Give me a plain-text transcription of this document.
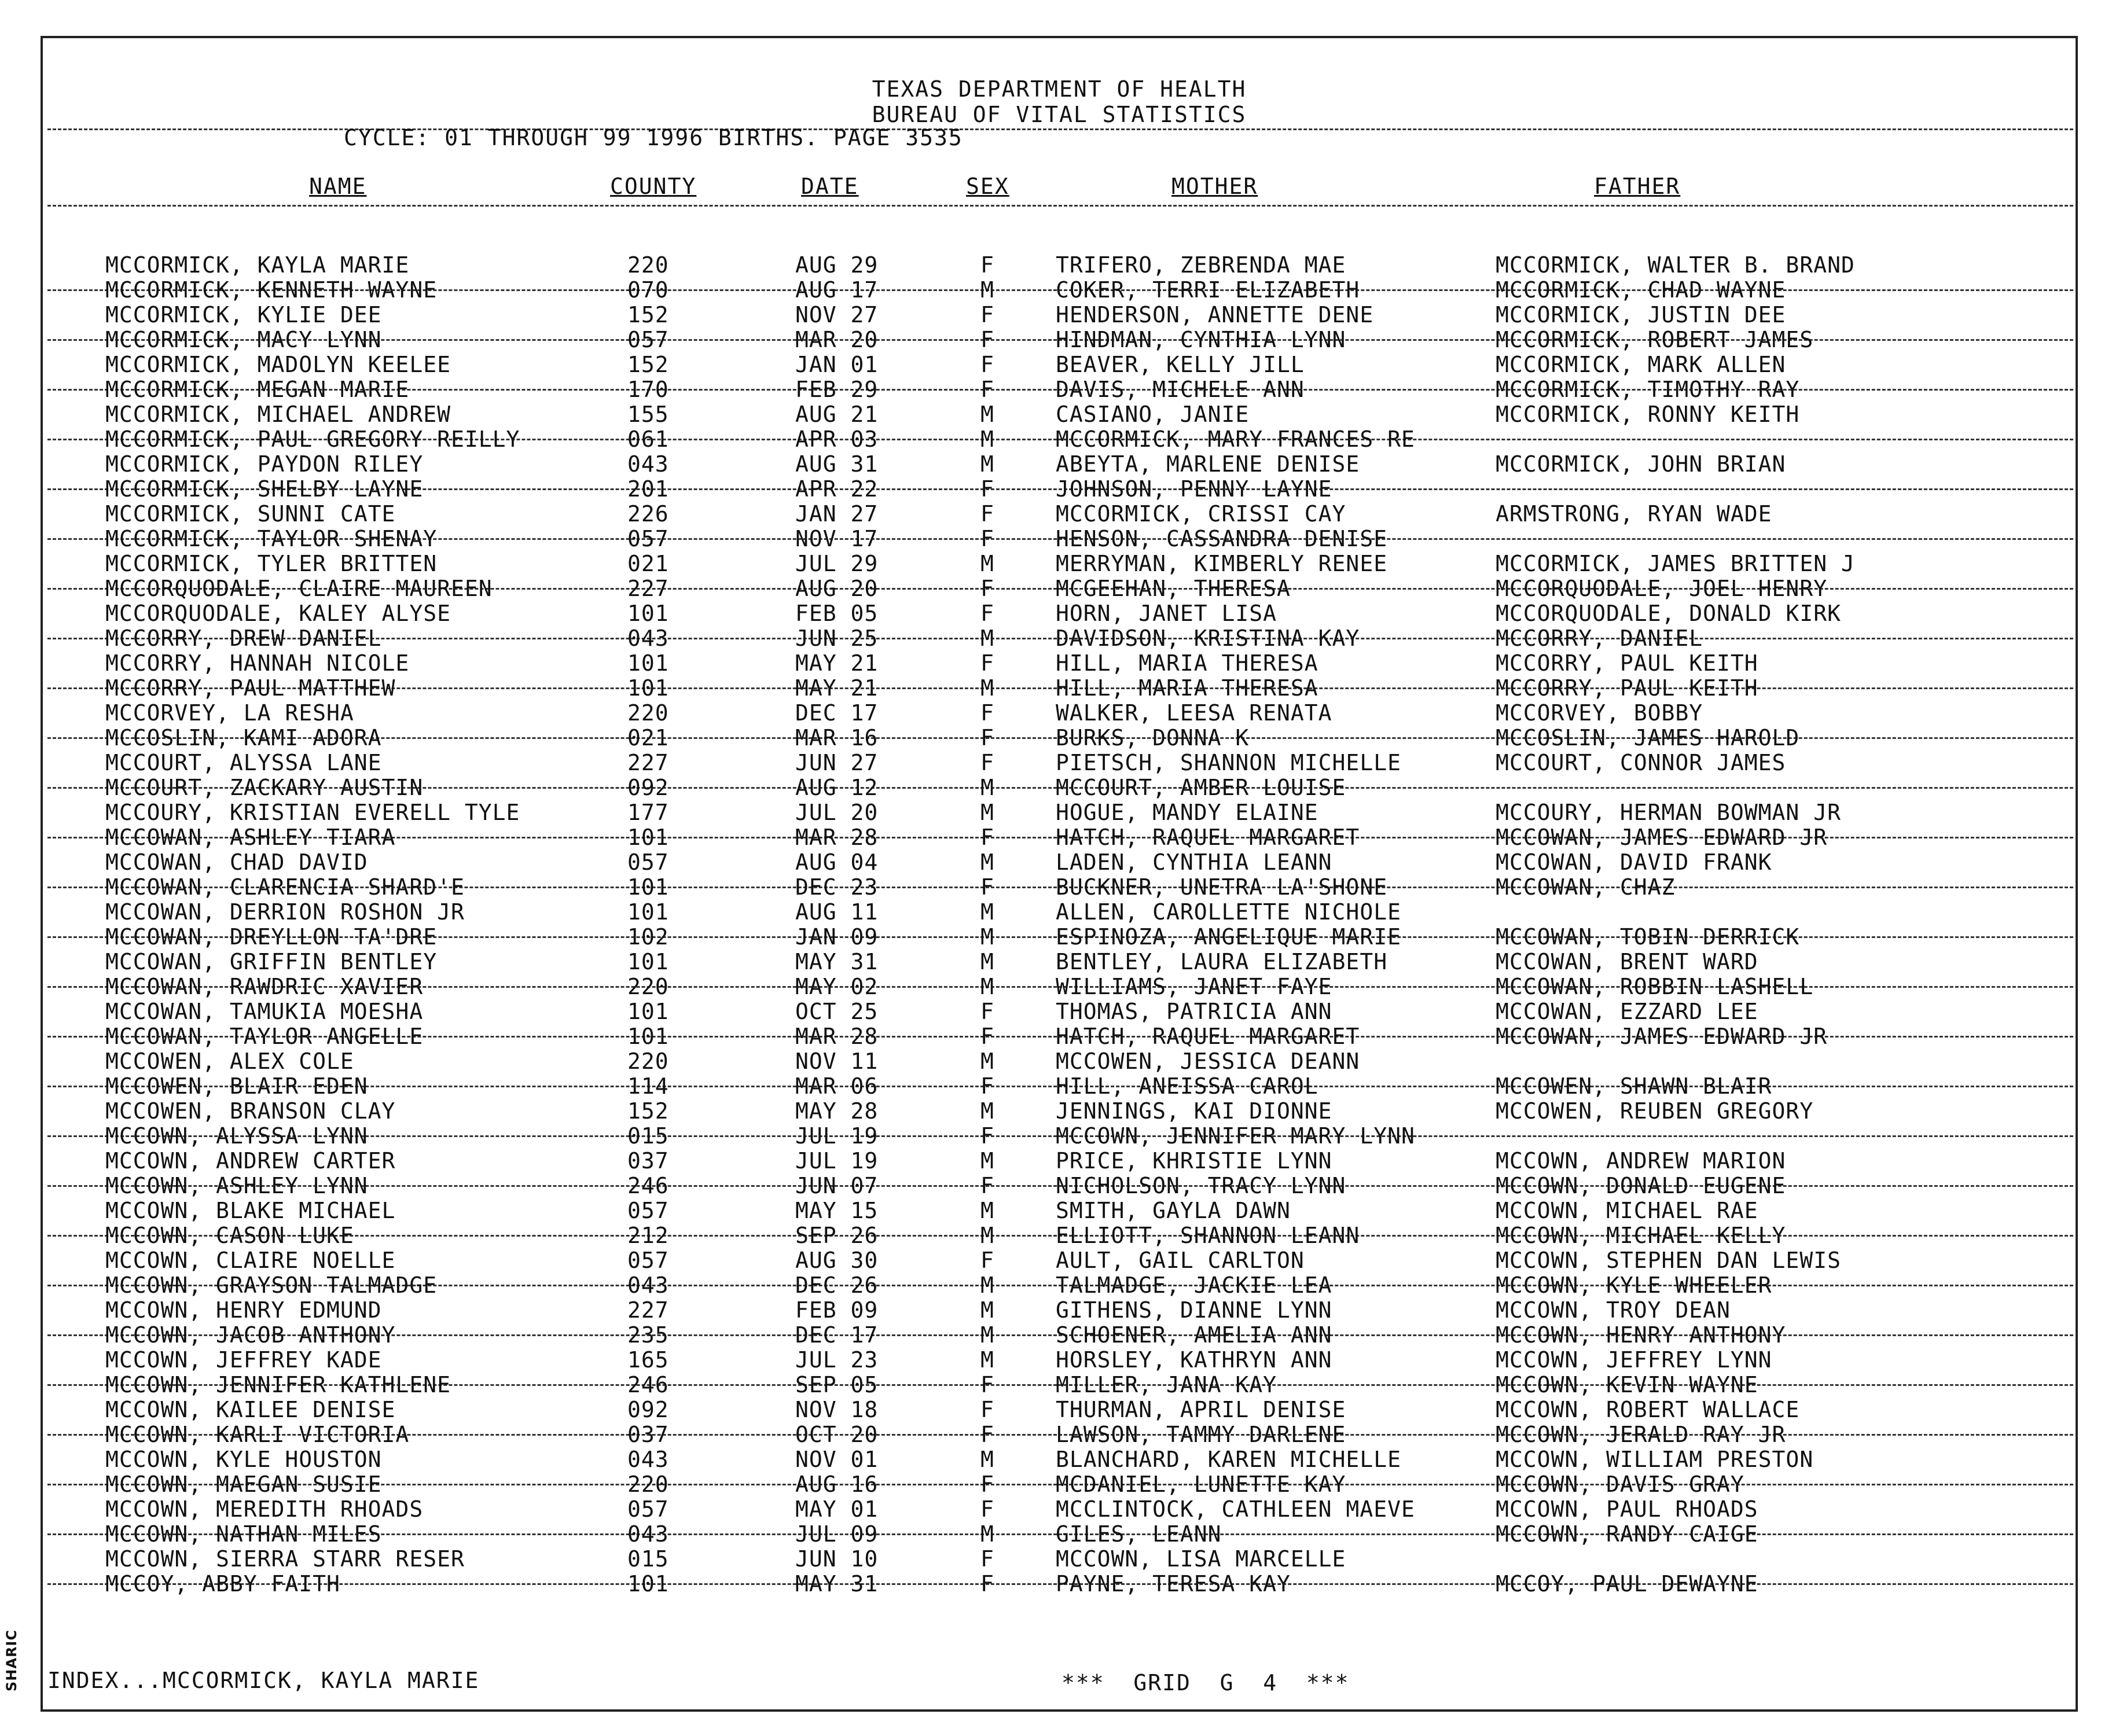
SHARIC
TEXAS DEPARTMENT OF HEALTH
BUREAU OF VITAL STATISTICS
CYCLE: 01 THROUGH 99 1996 BIRTHS. PAGE 3535
NAME	COUNTY	DATE	SEX	MOTHER	FATHER
MCCORMICK, KAYLA MARIE	220	AUG 29	F	TRIFERO, ZEBRENDA MAE	MCCORMICK, WALTER B. BRAND
MCCORMICK, KENNETH WAYNE	070	AUG 17	M	COKER, TERRI ELIZABETH	MCCORMICK, CHAD WAYNE
MCCORMICK, KYLIE DEE	152	NOV 27	F	HENDERSON, ANNETTE DENE	MCCORMICK, JUSTIN DEE
MCCORMICK, MACY LYNN	057	MAR 20	F	HINDMAN, CYNTHIA LYNN	MCCORMICK, ROBERT JAMES
MCCORMICK, MADOLYN KEELEE	152	JAN 01	F	BEAVER, KELLY JILL	MCCORMICK, MARK ALLEN
MCCORMICK, MEGAN MARIE	170	FEB 29	F	DAVIS, MICHELE ANN	MCCORMICK, TIMOTHY RAY
MCCORMICK, MICHAEL ANDREW	155	AUG 21	M	CASIANO, JANIE	MCCORMICK, RONNY KEITH
MCCORMICK, PAUL GREGORY REILLY	061	APR 03	M	MCCORMICK, MARY FRANCES RE
MCCORMICK, PAYDON RILEY	043	AUG 31	M	ABEYTA, MARLENE DENISE	MCCORMICK, JOHN BRIAN
MCCORMICK, SHELBY LAYNE	201	APR 22	F	JOHNSON, PENNY LAYNE
MCCORMICK, SUNNI CATE	226	JAN 27	F	MCCORMICK, CRISSI CAY	ARMSTRONG, RYAN WADE
MCCORMICK, TAYLOR SHENAY	057	NOV 17	F	HENSON, CASSANDRA DENISE
MCCORMICK, TYLER BRITTEN	021	JUL 29	M	MERRYMAN, KIMBERLY RENEE	MCCORMICK, JAMES BRITTEN J
MCCORQUODALE, CLAIRE MAUREEN	227	AUG 20	F	MCGEEHAN, THERESA	MCCORQUODALE, JOEL HENRY
MCCORQUODALE, KALEY ALYSE	101	FEB 05	F	HORN, JANET LISA	MCCORQUODALE, DONALD KIRK
MCCORRY, DREW DANIEL	043	JUN 25	M	DAVIDSON, KRISTINA KAY	MCCORRY, DANIEL
MCCORRY, HANNAH NICOLE	101	MAY 21	F	HILL, MARIA THERESA	MCCORRY, PAUL KEITH
MCCORRY, PAUL MATTHEW	101	MAY 21	M	HILL, MARIA THERESA	MCCORRY, PAUL KEITH
MCCORVEY, LA RESHA	220	DEC 17	F	WALKER, LEESA RENATA	MCCORVEY, BOBBY
MCCOSLIN, KAMI ADORA	021	MAR 16	F	BURKS, DONNA K	MCCOSLIN, JAMES HAROLD
MCCOURT, ALYSSA LANE	227	JUN 27	F	PIETSCH, SHANNON MICHELLE	MCCOURT, CONNOR JAMES
MCCOURT, ZACKARY AUSTIN	092	AUG 12	M	MCCOURT, AMBER LOUISE
MCCOURY, KRISTIAN EVERELL TYLE	177	JUL 20	M	HOGUE, MANDY ELAINE	MCCOURY, HERMAN BOWMAN JR
MCCOWAN, ASHLEY TIARA	101	MAR 28	F	HATCH, RAQUEL MARGARET	MCCOWAN, JAMES EDWARD JR
MCCOWAN, CHAD DAVID	057	AUG 04	M	LADEN, CYNTHIA LEANN	MCCOWAN, DAVID FRANK
MCCOWAN, CLARENCIA SHARD'E	101	DEC 23	F	BUCKNER, UNETRA LA'SHONE	MCCOWAN, CHAZ
MCCOWAN, DERRION ROSHON JR	101	AUG 11	M	ALLEN, CAROLLETTE NICHOLE
MCCOWAN, DREYLLON TA'DRE	102	JAN 09	M	ESPINOZA, ANGELIQUE MARIE	MCCOWAN, TOBIN DERRICK
MCCOWAN, GRIFFIN BENTLEY	101	MAY 31	M	BENTLEY, LAURA ELIZABETH	MCCOWAN, BRENT WARD
MCCOWAN, RAWDRIC XAVIER	220	MAY 02	M	WILLIAMS, JANET FAYE	MCCOWAN, ROBBIN LASHELL
MCCOWAN, TAMUKIA MOESHA	101	OCT 25	F	THOMAS, PATRICIA ANN	MCCOWAN, EZZARD LEE
MCCOWAN, TAYLOR ANGELLE	101	MAR 28	F	HATCH, RAQUEL MARGARET	MCCOWAN, JAMES EDWARD JR
MCCOWEN, ALEX COLE	220	NOV 11	M	MCCOWEN, JESSICA DEANN
MCCOWEN, BLAIR EDEN	114	MAR 06	F	HILL, ANEISSA CAROL	MCCOWEN, SHAWN BLAIR
MCCOWEN, BRANSON CLAY	152	MAY 28	M	JENNINGS, KAI DIONNE	MCCOWEN, REUBEN GREGORY
MCCOWN, ALYSSA LYNN	015	JUL 19	F	MCCOWN, JENNIFER MARY LYNN
MCCOWN, ANDREW CARTER	037	JUL 19	M	PRICE, KHRISTIE LYNN	MCCOWN, ANDREW MARION
MCCOWN, ASHLEY LYNN	246	JUN 07	F	NICHOLSON, TRACY LYNN	MCCOWN, DONALD EUGENE
MCCOWN, BLAKE MICHAEL	057	MAY 15	M	SMITH, GAYLA DAWN	MCCOWN, MICHAEL RAE
MCCOWN, CASON LUKE	212	SEP 26	M	ELLIOTT, SHANNON LEANN	MCCOWN, MICHAEL KELLY
MCCOWN, CLAIRE NOELLE	057	AUG 30	F	AULT, GAIL CARLTON	MCCOWN, STEPHEN DAN LEWIS
MCCOWN, GRAYSON TALMADGE	043	DEC 26	M	TALMADGE, JACKIE LEA	MCCOWN, KYLE WHEELER
MCCOWN, HENRY EDMUND	227	FEB 09	M	GITHENS, DIANNE LYNN	MCCOWN, TROY DEAN
MCCOWN, JACOB ANTHONY	235	DEC 17	M	SCHOENER, AMELIA ANN	MCCOWN, HENRY ANTHONY
MCCOWN, JEFFREY KADE	165	JUL 23	M	HORSLEY, KATHRYN ANN	MCCOWN, JEFFREY LYNN
MCCOWN, JENNIFER KATHLENE	246	SEP 05	F	MILLER, JANA KAY	MCCOWN, KEVIN WAYNE
MCCOWN, KAILEE DENISE	092	NOV 18	F	THURMAN, APRIL DENISE	MCCOWN, ROBERT WALLACE
MCCOWN, KARLI VICTORIA	037	OCT 20	F	LAWSON, TAMMY DARLENE	MCCOWN, JERALD RAY JR
MCCOWN, KYLE HOUSTON	043	NOV 01	M	BLANCHARD, KAREN MICHELLE	MCCOWN, WILLIAM PRESTON
MCCOWN, MAEGAN SUSIE	220	AUG 16	F	MCDANIEL, LUNETTE KAY	MCCOWN, DAVIS GRAY
MCCOWN, MEREDITH RHOADS	057	MAY 01	F	MCCLINTOCK, CATHLEEN MAEVE	MCCOWN, PAUL RHOADS
MCCOWN, NATHAN MILES	043	JUL 09	M	GILES, LEANN	MCCOWN, RANDY CAIGE
MCCOWN, SIERRA STARR RESER	015	JUN 10	F	MCCOWN, LISA MARCELLE
MCCOY, ABBY FAITH	101	MAY 31	F	PAYNE, TERESA KAY	MCCOY, PAUL DEWAYNE
INDEX...MCCORMICK, KAYLA MARIE	***  GRID  G  4  ***
